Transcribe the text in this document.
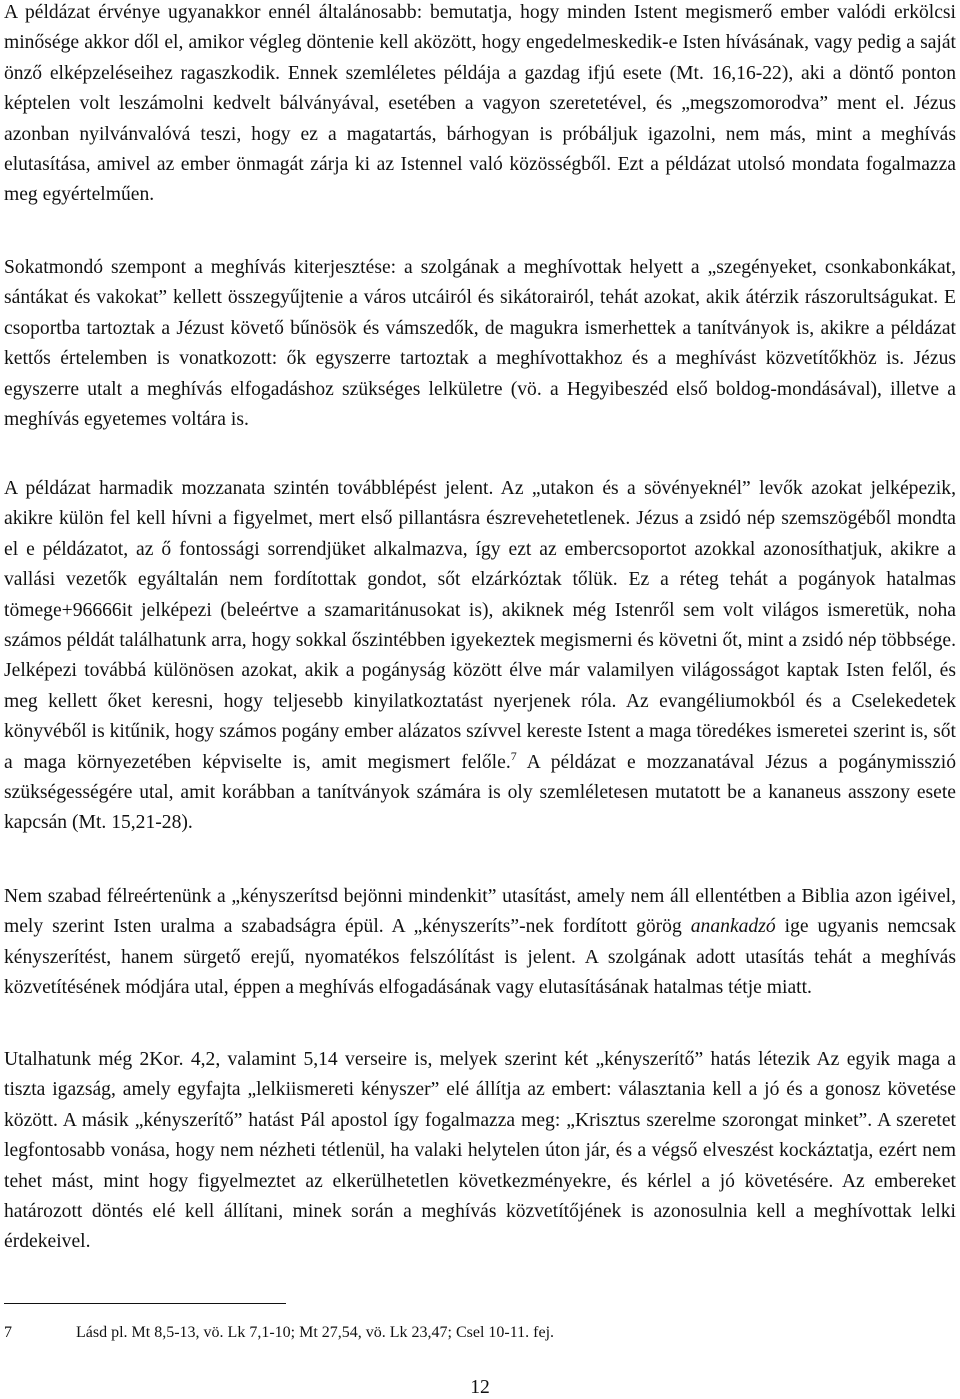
A példázat érvénye ugyanakkor ennél általánosabb: bemutatja, hogy minden Istent megismerő ember valódi erkölcsi minősége akkor dől el, amikor végleg döntenie kell aközött, hogy engedelmeskedik-e Isten hívásának, vagy pedig a saját önző elképzeléseihez ragaszkodik. Ennek szemléletes példája a gazdag ifjú esete (Mt. 16,16-22), aki a döntő ponton képtelen volt leszámolni kedvelt bálványával, esetében a vagyon szeretetével, és „megszomorodva” ment el. Jézus azonban nyilvánvalóvá teszi, hogy ez a magatartás, bárhogyan is próbáljuk igazolni, nem más, mint a meghívás elutasítása, amivel az ember önmagát zárja ki az Istennel való közösségből. Ezt a példázat utolsó mondata fogalmazza meg egyértelműen.

Sokatmondó szempont a meghívás kiterjesztése: a szolgának a meghívottak helyett a „szegényeket, csonkabonkákat, sántákat és vakokat” kellett összegyűjtenie a város utcáiról és sikátorairól, tehát azokat, akik átérzik rászorultságukat. E csoportba tartoztak a Jézust követő bűnösök és vámszedők, de magukra ismerhettek a tanítványok is, akikre a példázat kettős értelemben is vonatkozott: ők egyszerre tartoztak a meghívottakhoz és a meghívást közvetítőkhöz is. Jézus egyszerre utalt a meghívás elfogadáshoz szükséges lelkületre (vö. a Hegyibeszéd első boldog-mondásával), illetve a meghívás egyetemes voltára is.

A példázat harmadik mozzanata szintén továbblépést jelent. Az „utakon és a sövényeknél” levők azokat jelképezik, akikre külön fel kell hívni a figyelmet, mert első pillantásra észrevehetetlenek. Jézus a zsidó nép szemszögéből mondta el e példázatot, az ő fontossági sorrendjüket alkalmazva, így ezt az embercsoportot azokkal azonosíthatjuk, akikre a vallási vezetők egyáltalán nem fordítottak gondot, sőt elzárkóztak tőlük. Ez a réteg tehát a pogányok hatalmas tömege+96666it jelképezi (beleértve a szamaritánusokat is), akiknek még Istenről sem volt világos ismeretük, noha számos példát találhatunk arra, hogy sokkal őszintébben igyekeztek megismerni és követni őt, mint a zsidó nép többsége. Jelképezi továbbá különösen azokat, akik a pogányság között élve már valamilyen világosságot kaptak Isten felől, és meg kellett őket keresni, hogy teljesebb kinyilatkoztatást nyerjenek róla. Az evangéliumokból és a Cselekedetek könyvéből is kitűnik, hogy számos pogány ember alázatos szívvel kereste Istent a maga töredékes ismeretei szerint is, sőt a maga környezetében képviselte is, amit megismert felőle.$^7$ A példázat e mozzanatával Jézus a pogánymisszió szükségességére utal, amit korábban a tanítványok számára is oly szemléletesen mutatott be a kananeus asszony esete kapcsán (Mt. 15,21-28).

Nem szabad félreértenünk a „kényszerítsd bejönni mindenkit” utasítást, amely nem áll ellentétben a Biblia azon igéivel, mely szerint Isten uralma a szabadságra épül. A „kényszeríts”-nek fordított görög anankadzó ige ugyanis nemcsak kényszerítést, hanem sürgető erejű, nyomatékos felszólítást is jelent. A szolgának adott utasítás tehát a meghívás közvetítésének módjára utal, éppen a meghívás elfogadásának vagy elutasításának hatalmas tétje miatt.

Utalhatunk még 2Kor. 4,2, valamint 5,14 verseire is, melyek szerint két „kényszerítő” hatás létezik Az egyik maga a tiszta igazság, amely egyfajta „lelkiismereti kényszer” elé állítja az embert: választania kell a jó és a gonosz követése között. A másik „kényszerítő” hatást Pál apostol így fogalmazza meg: „Krisztus szerelme szorongat minket”. A szeretet legfontosabb vonása, hogy nem nézheti tétlenül, ha valaki helytelen úton jár, és a végső elveszést kockáztatja, ezért nem tehet mást, mint hogy figyelmeztet az elkerülhetetlen következményekre, és kérlel a jó követésére. Az embereket határozott döntés elé kell állítani, minek során a meghívás közvetítőjének is azonosulnia kell a meghívottak lelki érdekeivel.

7	Lásd pl. Mt 8,5-13, vö. Lk 7,1-10; Mt 27,54, vö. Lk 23,47; Csel 10-11. fej.
12
